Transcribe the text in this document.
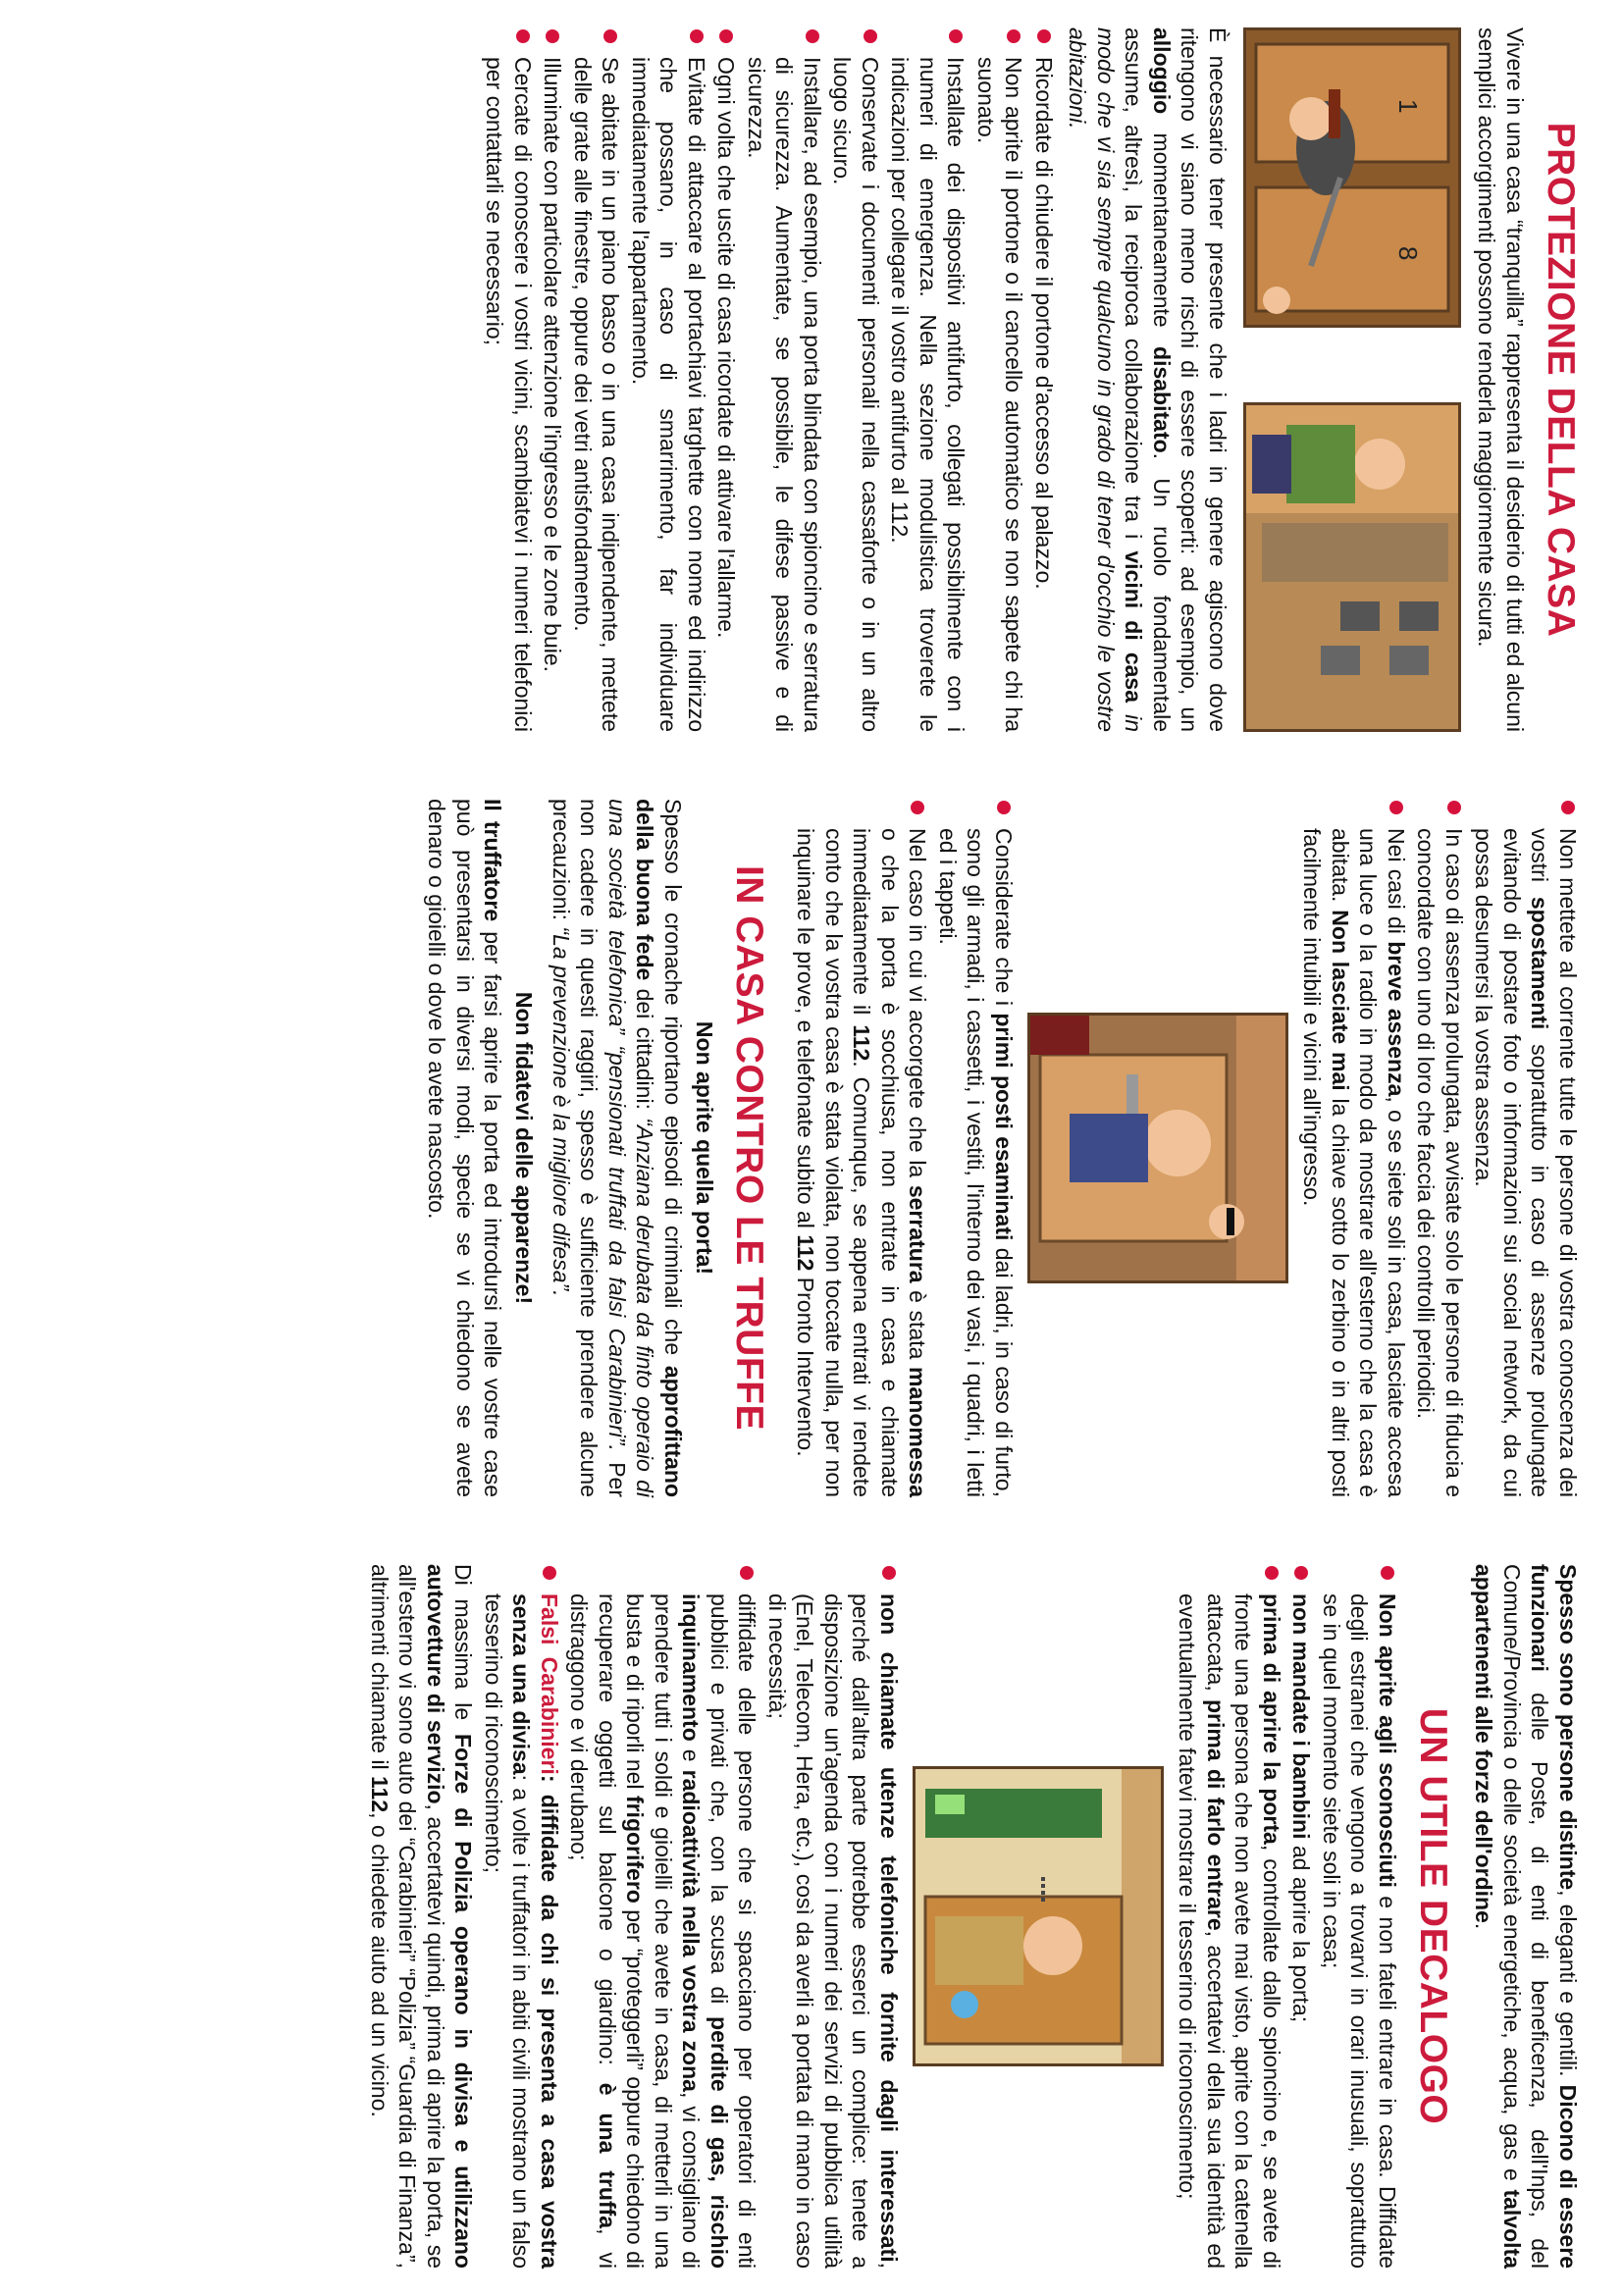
PROTEZIONE DELLA CASA

Vivere in una casa “tranquilla” rappresenta il desiderio di tutti ed alcuni semplici accorgimenti possono renderla maggiormente sicura.

1
8

È necessario tener presente che i ladri in genere agiscono dove ritengono vi siano meno rischi di essere scoperti: ad esempio, un alloggio momentaneamente disabitato. Un ruolo fondamentale assume, altresì, la reciproca collaborazione tra i vicini di casa in modo che vi sia sempre qualcuno in grado di tener d'occhio le vostre abitazioni.

Ricordate di chiudere il portone d'accesso al palazzo.
Non aprite il portone o il cancello automatico se non sapete chi ha suonato.
Installate dei dispositivi antifurto, collegati possibilmente con i numeri di emergenza. Nella sezione modulistica troverete le indicazioni per collegare il vostro antifurto al 112.
Conservate i documenti personali nella cassaforte o in un altro luogo sicuro.
Installare, ad esempio, una porta blindata con spioncino e serratura di sicurezza. Aumentate, se possibile, le difese passive e di sicurezza.
Ogni volta che uscite di casa ricordate di attivare l'allarme.
Evitate di attaccare al portachiavi targhette con nome ed indirizzo che possano, in caso di smarrimento, far individuare immediatamente l'appartamento.
Se abitate in un piano basso o in una casa indipendente, mettete delle grate alle finestre, oppure dei vetri antisfondamento.
Illuminate con particolare attenzione l'ingresso e le zone buie.
Cercate di conoscere i vostri vicini, scambiatevi i numeri telefonici per contattarli se necessario;
Non mettete al corrente tutte le persone di vostra conoscenza dei vostri spostamenti soprattutto in caso di assenze prolungate evitando di postare foto o informazioni sui social network, da cui possa desumersi la vostra assenza.
In caso di assenza prolungata, avvisate solo le persone di fiducia e concordate con uno di loro che faccia dei controlli periodici.
Nei casi di breve assenza, o se siete soli in casa, lasciate accesa una luce o la radio in modo da mostrare all'esterno che la casa è abitata. Non lasciate mai la chiave sotto lo zerbino o in altri posti facilmente intuibili e vicini all'ingresso.
Considerate che i primi posti esaminati dai ladri, in caso di furto, sono gli armadi, i cassetti, i vestiti, l'interno dei vasi, i quadri, i letti ed i tappeti.
Nel caso in cui vi accorgete che la serratura è stata manomessa o che la porta è socchiusa, non entrate in casa e chiamate immediatamente il 112. Comunque, se appena entrati vi rendete conto che la vostra casa è stata violata, non toccate nulla, per non inquinare le prove, e telefonate subito al 112 Pronto Intervento.
IN CASA CONTRO LE TRUFFE
Non aprite quella porta!

Spesso le cronache riportano episodi di criminali che approfittano della buona fede dei cittadini: “Anziana derubata da finto operaio di una società telefonica” “pensionati truffati da falsi Carabinieri”. Per non cadere in questi raggiri, spesso è sufficiente prendere alcune precauzioni: “La prevenzione è la migliore difesa”.

Non fidatevi delle apparenze!

Il truffatore per farsi aprire la porta ed introdursi nelle vostre case può presentarsi in diversi modi, specie se vi chiedono se avete denaro o gioielli o dove lo avete nascosto.

Spesso sono persone distinte, eleganti e gentili. Dicono di essere funzionari delle Poste, di enti di beneficenza, dell'Inps, del Comune/Provincia o delle società energetiche, acqua, gas e talvolta appartenenti alle forze dell'ordine.

UN UTILE DECALOGO
Non aprite agli sconosciuti e non fateli entrare in casa. Diffidate degli estranei che vengono a trovarvi in orari inusuali, soprattutto se in quel momento siete soli in casa;
non mandate i bambini ad aprire la porta;
prima di aprire la porta, controllate dallo spioncino e, se avete di fronte una persona che non avete mai visto, aprite con la catenella attaccata, prima di farlo entrare, accertatevi della sua identità ed eventualmente fatevi mostrare il tesserino di riconoscimento;
non chiamate utenze telefoniche fornite dagli interessati, perché dall'altra parte potrebbe esserci un complice: tenete a disposizione un'agenda con i numeri dei servizi di pubblica utilità (Enel, Telecom, Hera, etc.), così da averli a portata di mano in caso di necessità;
diffidate delle persone che si spacciano per operatori di enti pubblici e privati che, con la scusa di perdite di gas, rischio inquinamento e radioattività nella vostra zona, vi consigliano di prendere tutti i soldi e gioielli che avete in casa, di metterli in una busta e di riporli nel frigorifero per “proteggerli” oppure chiedono di recuperare oggetti sul balcone o giardino: è una truffa, vi distraggono e vi derubano;
Falsi Carabinieri: diffidate da chi si presenta a casa vostra senza una divisa: a volte i truffatori in abiti civili mostrano un falso tesserino di riconoscimento;

Di massima le Forze di Polizia operano in divisa e utilizzano autovetture di servizio, accertatevi quindi, prima di aprire la porta, se all'esterno vi sono auto dei “Carabinieri” “Polizia” “Guardia di Finanza”, altrimenti chiamate il 112, o chiedete aiuto ad un vicino.
